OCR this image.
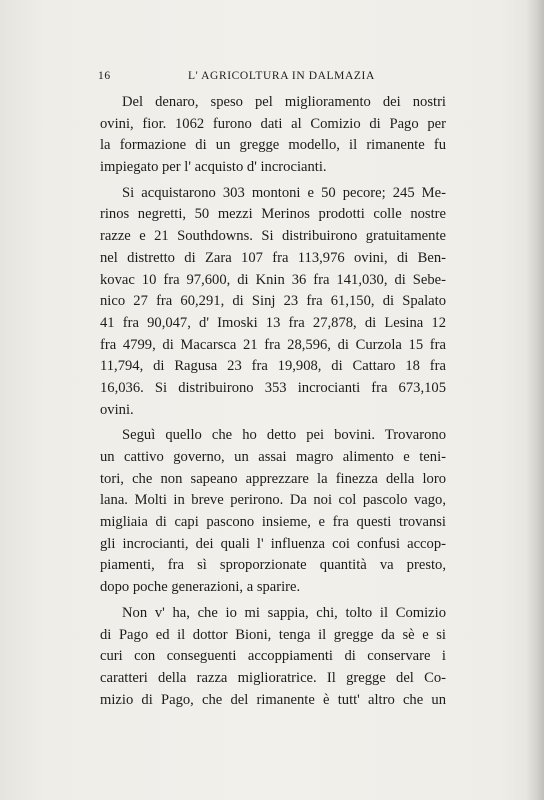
16	L' AGRICOLTURA IN DALMAZIA

Del denaro, speso pel miglioramento dei nostri
ovini, fior. 1062 furono dati al Comizio di Pago per
la formazione di un gregge modello, il rimanente fu
impiegato per l' acquisto d' incrocianti.

Si acquistarono 303 montoni e 50 pecore; 245 Me-
rinos negretti, 50 mezzi Merinos prodotti colle nostre
razze e 21 Southdowns. Si distribuirono gratuitamente
nel distretto di Zara 107 fra 113,976 ovini, di Ben-
kovac 10 fra 97,600, di Knin 36 fra 141,030, di Sebe-
nico 27 fra 60,291, di Sinj 23 fra 61,150, di Spalato
41 fra 90,047, d' Imoski 13 fra 27,878, di Lesina 12
fra 4799, di Macarsca 21 fra 28,596, di Curzola 15 fra
11,794, di Ragusa 23 fra 19,908, di Cattaro 18 fra
16,036. Si distribuirono 353 incrocianti fra 673,105
ovini.

Seguì quello che ho detto pei bovini. Trovarono
un cattivo governo, un assai magro alimento e teni-
tori, che non sapeano apprezzare la finezza della loro
lana. Molti in breve perirono. Da noi col pascolo vago,
migliaia di capi pascono insieme, e fra questi trovansi
gli incrocianti, dei quali l' influenza coi confusi accop-
piamenti, fra sì sproporzionate quantità va presto,
dopo poche generazioni, a sparire.

Non v' ha, che io mi sappia, chi, tolto il Comizio
di Pago ed il dottor Bioni, tenga il gregge da sè e si
curi con conseguenti accoppiamenti di conservare i
caratteri della razza miglioratrice. Il gregge del Co-
mizio di Pago, che del rimanente è tutt' altro che un
